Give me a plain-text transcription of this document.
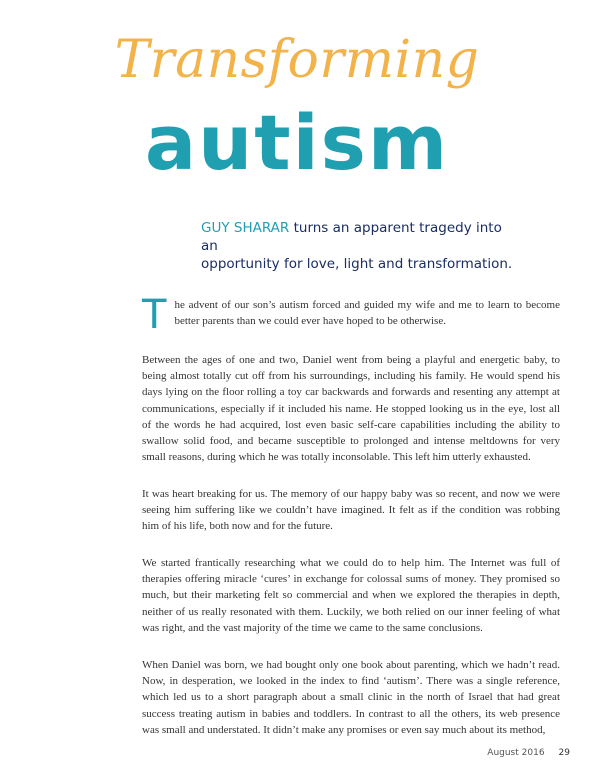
Transforming
autism
GUY SHARAR turns an apparent tragedy into an
opportunity for love, light and transformation.

The advent of our son’s autism forced and guided my wife and me to learn to become better parents than we could ever have hoped to be otherwise.

Between the ages of one and two, Daniel went from being a playful and energetic baby, to being almost totally cut off from his surroundings, including his family. He would spend his days lying on the floor rolling a toy car backwards and forwards and resenting any attempt at communications, especially if it included his name. He stopped looking us in the eye, lost all of the words he had acquired, lost even basic self-care capabilities including the ability to swallow solid food, and became susceptible to prolonged and intense meltdowns for very small reasons, during which he was totally inconsolable. This left him utterly exhausted.

It was heart breaking for us. The memory of our happy baby was so recent, and now we were seeing him suffering like we couldn’t have imagined. It felt as if the condition was robbing him of his life, both now and for the future.

We started frantically researching what we could do to help him. The Internet was full of therapies offering miracle ‘cures’ in exchange for colossal sums of money. They promised so much, but their marketing felt so commercial and when we explored the therapies in depth, neither of us really resonated with them. Luckily, we both relied on our inner feeling of what was right, and the vast majority of the time we came to the same conclusions.

When Daniel was born, we had bought only one book about parenting, which we hadn’t read. Now, in desperation, we looked in the index to find ‘autism’. There was a single reference, which led us to a short paragraph about a small clinic in the north of Israel that had great success treating autism in babies and toddlers. In contrast to all the others, its web presence was small and understated. It didn’t make any promises or even say much about its method,

August 2016 29
